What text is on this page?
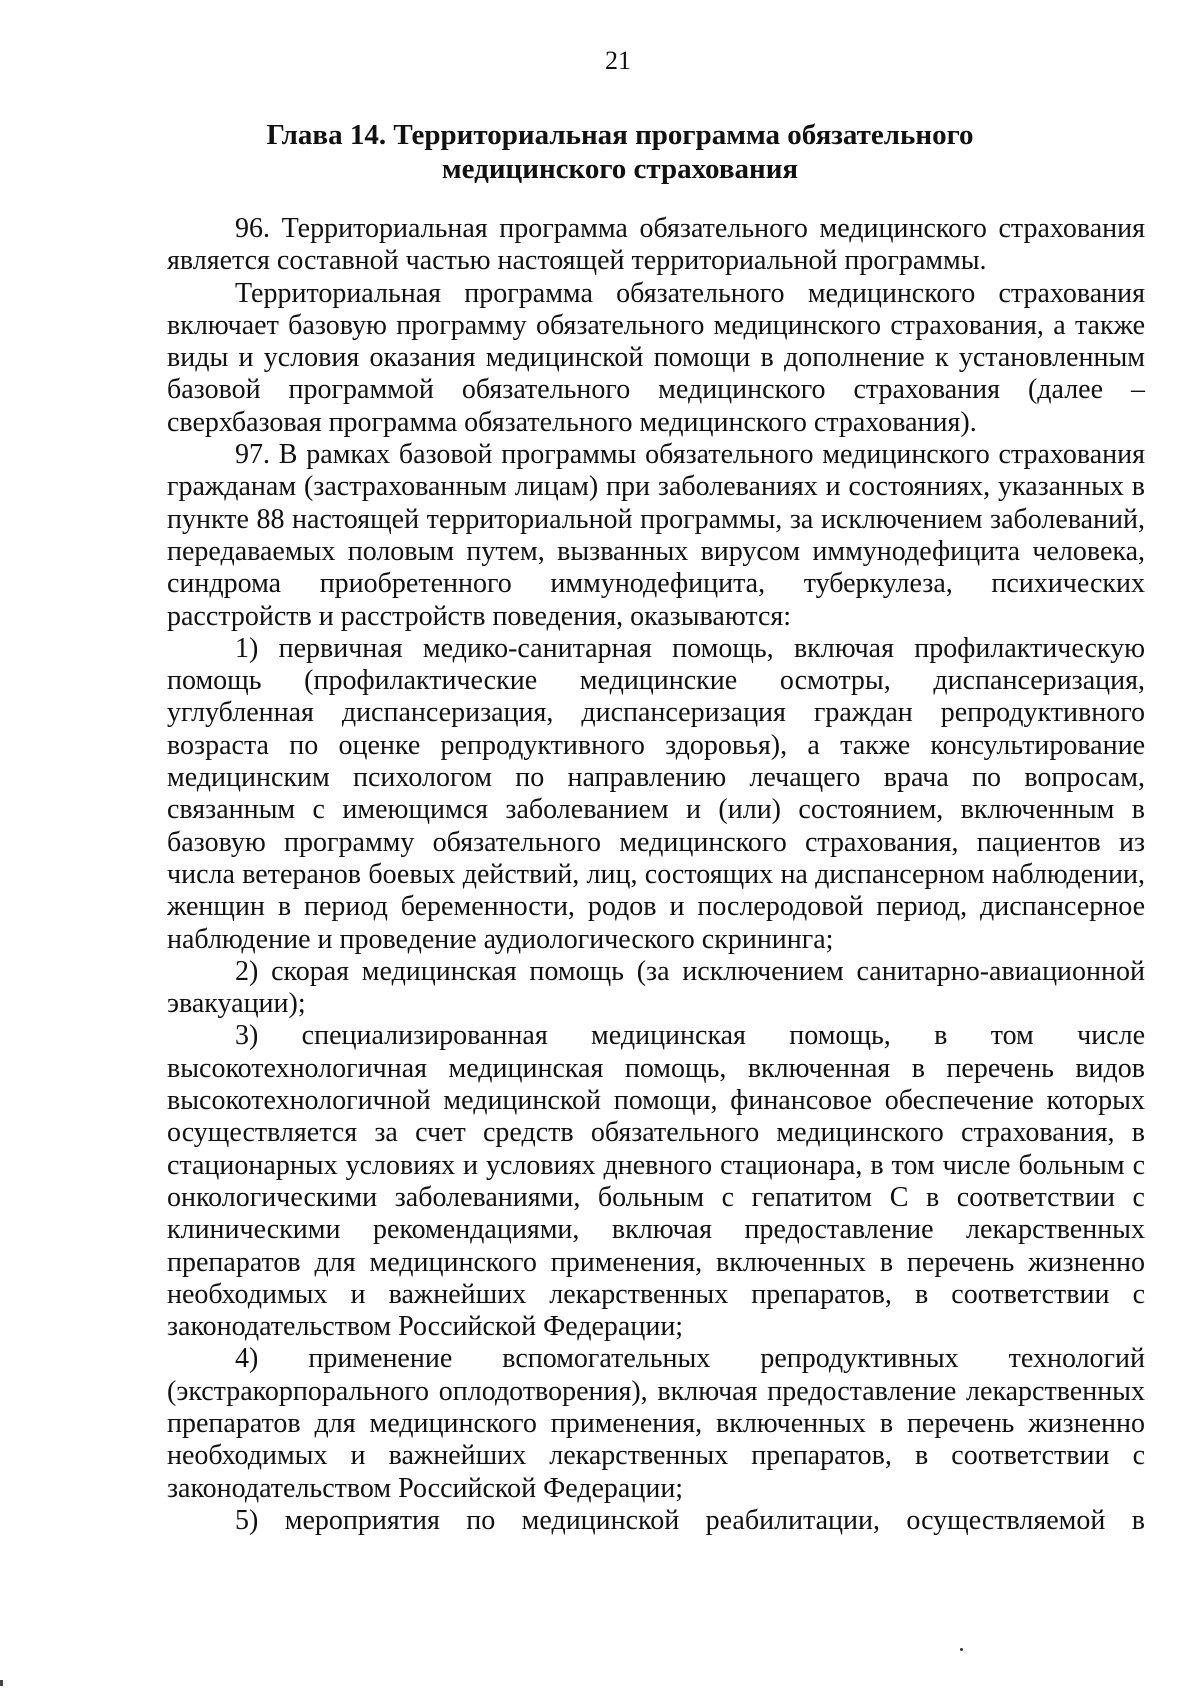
21
Глава 14. Территориальная программа обязательного
медицинского страхования

96. Территориальная программа обязательного медицинского страхования является составной частью настоящей территориальной программы.

Территориальная программа обязательного медицинского страхования включает базовую программу обязательного медицинского страхования, а также виды и условия оказания медицинской помощи в дополнение к установленным базовой программой обязательного медицинского страхования (далее – сверхбазовая программа обязательного медицинского страхования).

97. В рамках базовой программы обязательного медицинского страхования гражданам (застрахованным лицам) при заболеваниях и состояниях, указанных в пункте 88 настоящей территориальной программы, за исключением заболеваний, передаваемых половым путем, вызванных вирусом иммунодефицита человека, синдрома приобретенного иммунодефицита, туберкулеза, психических расстройств и расстройств поведения, оказываются:

1) первичная медико-санитарная помощь, включая профилактическую помощь (профилактические медицинские осмотры, диспансеризация, углубленная диспансеризация, диспансеризация граждан репродуктивного возраста по оценке репродуктивного здоровья), а также консультирование медицинским психологом по направлению лечащего врача по вопросам, связанным с имеющимся заболеванием и (или) состоянием, включенным в базовую программу обязательного медицинского страхования, пациентов из числа ветеранов боевых действий, лиц, состоящих на диспансерном наблюдении, женщин в период беременности, родов и послеродовой период, диспансерное наблюдение и проведение аудиологического скрининга;

2) скорая медицинская помощь (за исключением санитарно-авиационной эвакуации);

3) специализированная медицинская помощь, в том числе высокотехнологичная медицинская помощь, включенная в перечень видов высокотехнологичной медицинской помощи, финансовое обеспечение которых осуществляется за счет средств обязательного медицинского страхования, в стационарных условиях и условиях дневного стационара, в том числе больным с онкологическими заболеваниями, больным с гепатитом С в соответствии с клиническими рекомендациями, включая предоставление лекарственных препаратов для медицинского применения, включенных в перечень жизненно необходимых и важнейших лекарственных препаратов, в соответствии с законодательством Российской Федерации;

4) применение вспомогательных репродуктивных технологий (экстракорпорального оплодотворения), включая предоставление лекарственных препаратов для медицинского применения, включенных в перечень жизненно необходимых и важнейших лекарственных препаратов, в соответствии с законодательством Российской Федерации;

5) мероприятия по медицинской реабилитации, осуществляемой в
